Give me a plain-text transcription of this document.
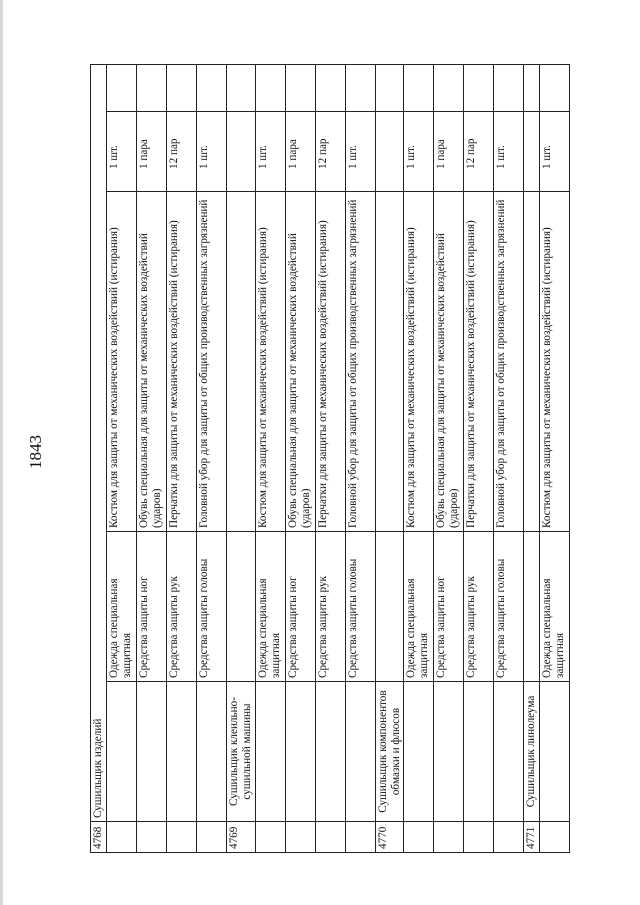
1843
4768	Сушильщик изделий				
		Одежда специальная защитная	Костюм для защиты от механических воздействий (истирания)	1 шт.	
		Средства защиты ног	Обувь специальная для защиты от механических воздействий (ударов)	1 пара	
		Средства защиты рук	Перчатки для защиты от механических воздействий (истирания)	12 пар	
		Средства защиты головы	Головной убор для защиты от общих производственных загрязнений	1 шт.	
4769	Сушильщик клеильно-сушильной машины				
		Одежда специальная защитная	Костюм для защиты от механических воздействий (истирания)	1 шт.	
		Средства защиты ног	Обувь специальная для защиты от механических воздействий (ударов)	1 пара	
		Средства защиты рук	Перчатки для защиты от механических воздействий (истирания)	12 пар	
		Средства защиты головы	Головной убор для защиты от общих производственных загрязнений	1 шт.	
4770	Сушильщик компонентов обмазки и флюсов				
		Одежда специальная защитная	Костюм для защиты от механических воздействий (истирания)	1 шт.	
		Средства защиты ног	Обувь специальная для защиты от механических воздействий (ударов)	1 пара	
		Средства защиты рук	Перчатки для защиты от механических воздействий (истирания)	12 пар	
		Средства защиты головы	Головной убор для защиты от общих производственных загрязнений	1 шт.	
4771	Сушильщик линолеума				
		Одежда специальная защитная	Костюм для защиты от механических воздействий (истирания)	1 шт.	
